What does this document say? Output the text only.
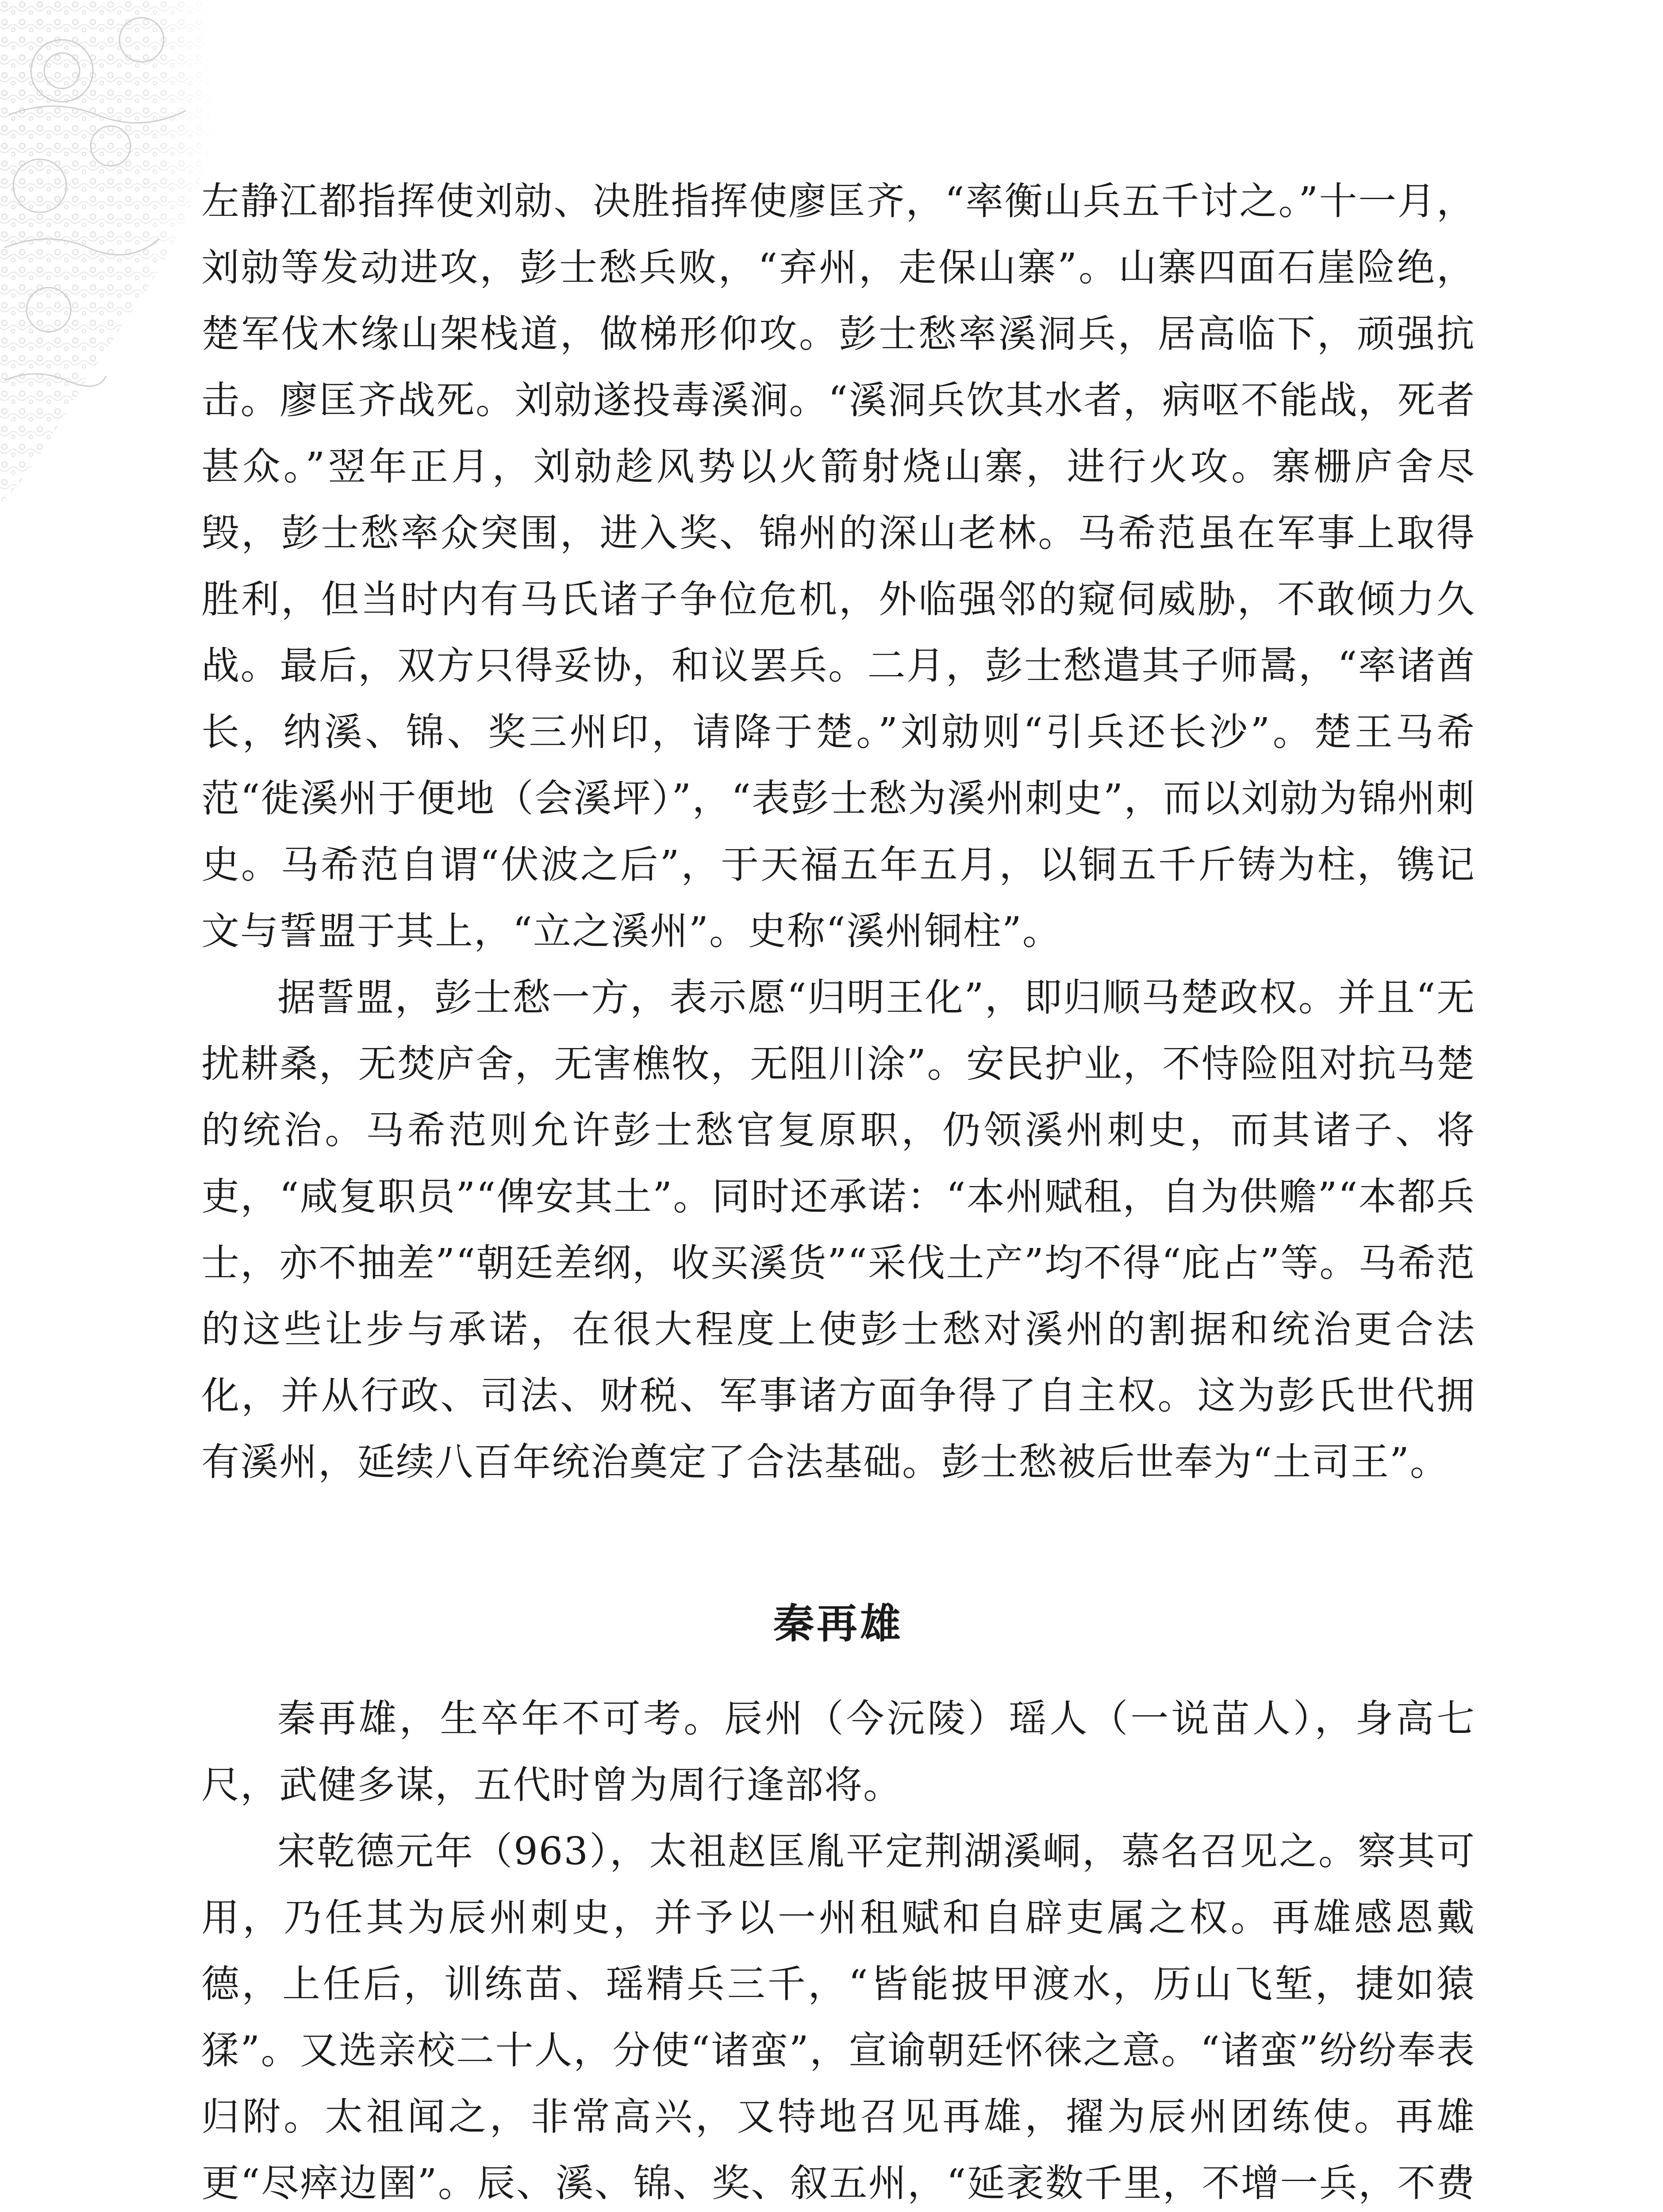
左静江都指挥使刘勍、决胜指挥使廖匡齐，“率衡山兵五千讨之。”十一月，刘勍等发动进攻，彭士愁兵败，“弃州，走保山寨”。山寨四面石崖险绝，楚军伐木缘山架栈道，做梯形仰攻。彭士愁率溪洞兵，居高临下，顽强抗击。廖匡齐战死。刘勍遂投毒溪涧。“溪洞兵饮其水者，病呕不能战，死者甚众。”翌年正月，刘勍趁风势以火箭射烧山寨，进行火攻。寨栅庐舍尽毁，彭士愁率众突围，进入奖、锦州的深山老林。马希范虽在军事上取得胜利，但当时内有马氏诸子争位危机，外临强邻的窥伺威胁，不敢倾力久战。最后，双方只得妥协，和议罢兵。二月，彭士愁遣其子师暠，“率诸酋长，纳溪、锦、奖三州印，请降于楚。”刘勍则“引兵还长沙”。楚王马希范“徙溪州于便地（会溪坪）”，“表彭士愁为溪州刺史”，而以刘勍为锦州刺史。马希范自谓“伏波之后”，于天福五年五月，以铜五千斤铸为柱，镌记文与誓盟于其上，“立之溪州”。史称“溪州铜柱”。

据誓盟，彭士愁一方，表示愿“归明王化”，即归顺马楚政权。并且“无扰耕桑，无焚庐舍，无害樵牧，无阻川涂”。安民护业，不恃险阻对抗马楚的统治。马希范则允许彭士愁官复原职，仍领溪州刺史，而其诸子、将吏，“咸复职员”“俾安其土”。同时还承诺：“本州赋租，自为供赡”“本都兵士，亦不抽差”“朝廷差纲，收买溪货”“采伐土产”均不得“庇占”等。马希范的这些让步与承诺，在很大程度上使彭士愁对溪州的割据和统治更合法化，并从行政、司法、财税、军事诸方面争得了自主权。这为彭氏世代拥有溪州，延续八百年统治奠定了合法基础。彭士愁被后世奉为“土司王”。

秦再雄

秦再雄，生卒年不可考。辰州（今沅陵）瑶人（一说苗人），身高七尺，武健多谋，五代时曾为周行逢部将。

宋乾德元年（963），太祖赵匡胤平定荆湖溪峒，慕名召见之。察其可用，乃任其为辰州刺史，并予以一州租赋和自辟吏属之权。再雄感恩戴德，上任后，训练苗、瑶精兵三千，“皆能披甲渡水，历山飞堑，捷如猿猱”。又选亲校二十人，分使“诸蛮”，宣谕朝廷怀徕之意。“诸蛮”纷纷奉表归附。太祖闻之，非常高兴，又特地召见再雄，擢为辰州团练使。再雄更“尽瘁边圉”。辰、溪、锦、奖、叙五州，“延袤数千里，不增一兵，不费
